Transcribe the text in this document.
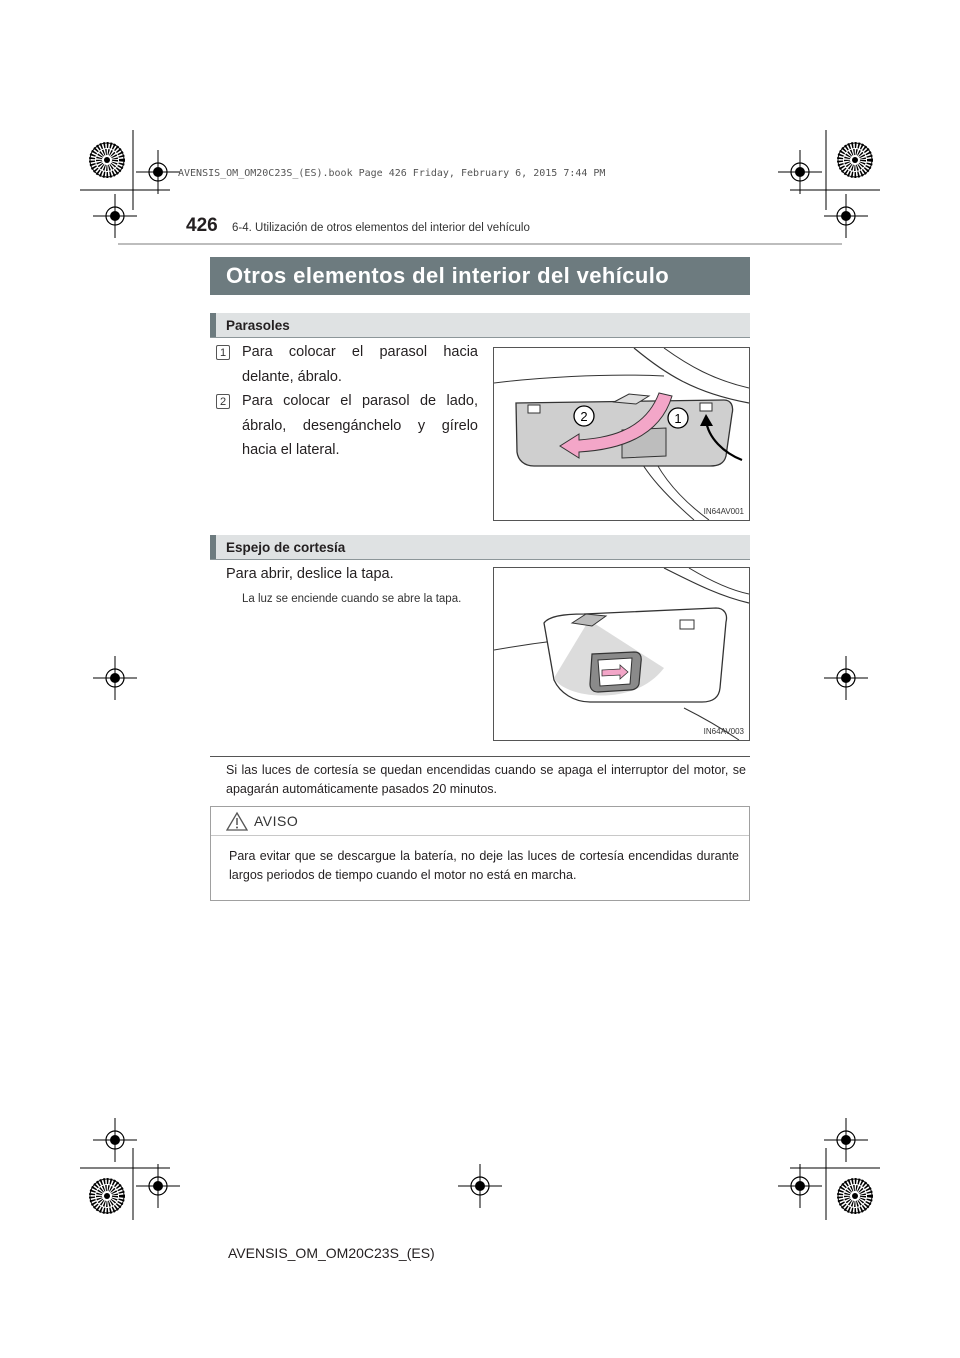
AVENSIS_OM_OM20C23S_(ES).book Page 426 Friday, February 6, 2015 7:44 PM
426 6-4. Utilización de otros elementos del interior del vehículo
Otros elementos del interior del vehículo
Parasoles
1 Para colocar el parasol hacia delante, ábralo.
2 Para colocar el parasol de lado, ábralo, desengánchelo y gírelo hacia el lateral.
2	1
IN64AV001
Espejo de cortesía
Para abrir, deslice la tapa.
La luz se enciende cuando se abre la tapa.
IN64AV003
Si las luces de cortesía se quedan encendidas cuando se apaga el interruptor del motor, se apagarán automáticamente pasados 20 minutos.
AVISO
Para evitar que se descargue la batería, no deje las luces de cortesía encendidas durante largos periodos de tiempo cuando el motor no está en marcha.
AVENSIS_OM_OM20C23S_(ES)
